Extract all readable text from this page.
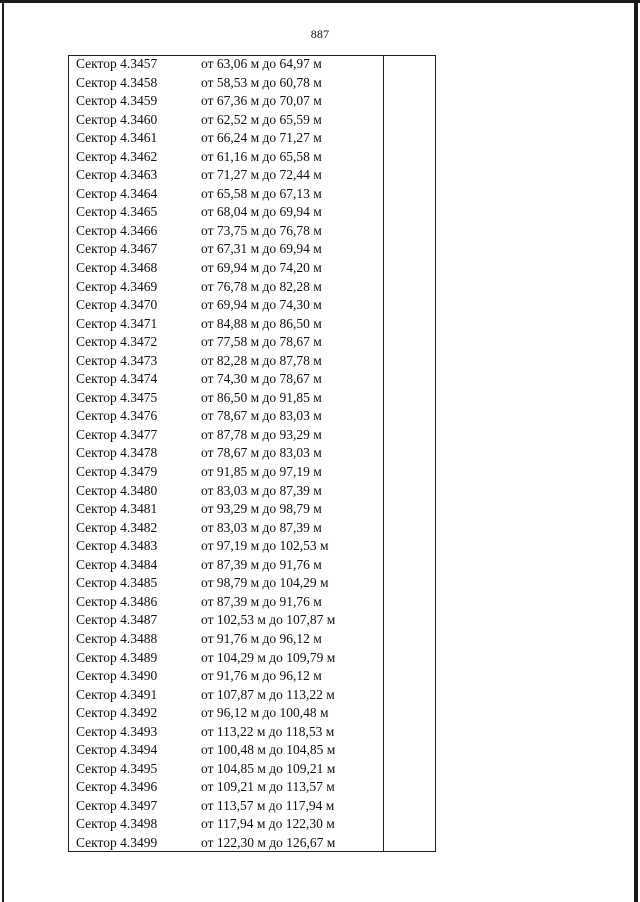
887
Сектор 4.3457	от 63,06 м до 64,97 м
Сектор 4.3458	от 58,53 м до 60,78 м
Сектор 4.3459	от 67,36 м до 70,07 м
Сектор 4.3460	от 62,52 м до 65,59 м
Сектор 4.3461	от 66,24 м до 71,27 м
Сектор 4.3462	от 61,16 м до 65,58 м
Сектор 4.3463	от 71,27 м до 72,44 м
Сектор 4.3464	от 65,58 м до 67,13 м
Сектор 4.3465	от 68,04 м до 69,94 м
Сектор 4.3466	от 73,75 м до 76,78 м
Сектор 4.3467	от 67,31 м до 69,94 м
Сектор 4.3468	от 69,94 м до 74,20 м
Сектор 4.3469	от 76,78 м до 82,28 м
Сектор 4.3470	от 69,94 м до 74,30 м
Сектор 4.3471	от 84,88 м до 86,50 м
Сектор 4.3472	от 77,58 м до 78,67 м
Сектор 4.3473	от 82,28 м до 87,78 м
Сектор 4.3474	от 74,30 м до 78,67 м
Сектор 4.3475	от 86,50 м до 91,85 м
Сектор 4.3476	от 78,67 м до 83,03 м
Сектор 4.3477	от 87,78 м до 93,29 м
Сектор 4.3478	от 78,67 м до 83,03 м
Сектор 4.3479	от 91,85 м до 97,19 м
Сектор 4.3480	от 83,03 м до 87,39 м
Сектор 4.3481	от 93,29 м до 98,79 м
Сектор 4.3482	от 83,03 м до 87,39 м
Сектор 4.3483	от 97,19 м до 102,53 м
Сектор 4.3484	от 87,39 м до 91,76 м
Сектор 4.3485	от 98,79 м до 104,29 м
Сектор 4.3486	от 87,39 м до 91,76 м
Сектор 4.3487	от 102,53 м до 107,87 м
Сектор 4.3488	от 91,76 м до 96,12 м
Сектор 4.3489	от 104,29 м до 109,79 м
Сектор 4.3490	от 91,76 м до 96,12 м
Сектор 4.3491	от 107,87 м до 113,22 м
Сектор 4.3492	от 96,12 м до 100,48 м
Сектор 4.3493	от 113,22 м до 118,53 м
Сектор 4.3494	от 100,48 м до 104,85 м
Сектор 4.3495	от 104,85 м до 109,21 м
Сектор 4.3496	от 109,21 м до 113,57 м
Сектор 4.3497	от 113,57 м до 117,94 м
Сектор 4.3498	от 117,94 м до 122,30 м
Сектор 4.3499	от 122,30 м до 126,67 м
